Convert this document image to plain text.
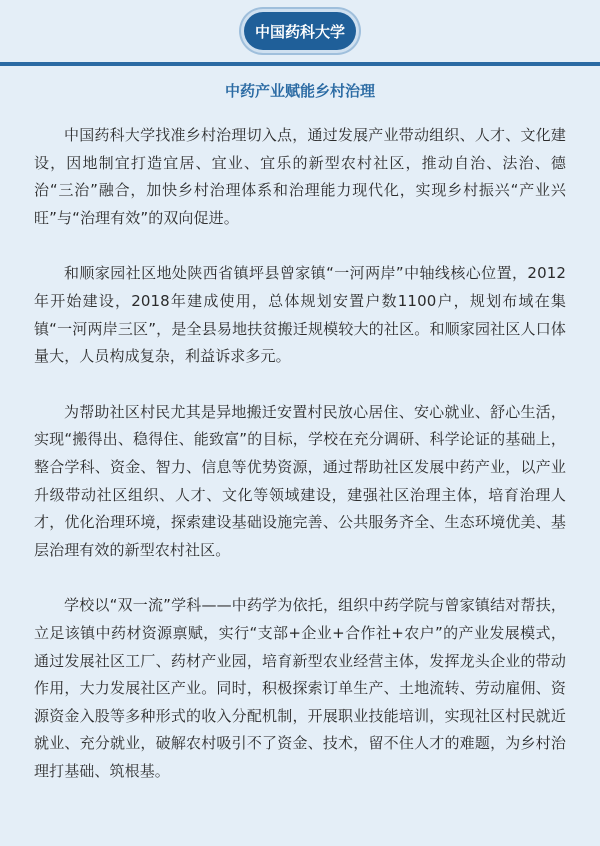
中国药科大学

中药产业赋能乡村治理

中国药科大学找准乡村治理切入点，通过发展产业带动组织、人才、文化建设，因地制宜打造宜居、宜业、宜乐的新型农村社区，推动自治、法治、德治“三治”融合，加快乡村治理体系和治理能力现代化，实现乡村振兴“产业兴旺”与“治理有效”的双向促进。

和顺家园社区地处陕西省镇坪县曾家镇“一河两岸”中轴线核心位置，2012年开始建设，2018年建成使用，总体规划安置户数1100户，规划布域在集镇“一河两岸三区”，是全县易地扶贫搬迁规模较大的社区。和顺家园社区人口体量大，人员构成复杂，利益诉求多元。

为帮助社区村民尤其是异地搬迁安置村民放心居住、安心就业、舒心生活，实现“搬得出、稳得住、能致富”的目标，学校在充分调研、科学论证的基础上，整合学科、资金、智力、信息等优势资源，通过帮助社区发展中药产业，以产业升级带动社区组织、人才、文化等领域建设，建强社区治理主体，培育治理人才，优化治理环境，探索建设基础设施完善、公共服务齐全、生态环境优美、基层治理有效的新型农村社区。

学校以“双一流”学科——中药学为依托，组织中药学院与曾家镇结对帮扶，立足该镇中药材资源禀赋，实行“支部+企业+合作社+农户”的产业发展模式，通过发展社区工厂、药材产业园，培育新型农业经营主体，发挥龙头企业的带动作用，大力发展社区产业。同时，积极探索订单生产、土地流转、劳动雇佣、资源资金入股等多种形式的收入分配机制，开展职业技能培训，实现社区村民就近就业、充分就业，破解农村吸引不了资金、技术，留不住人才的难题，为乡村治理打基础、筑根基。
